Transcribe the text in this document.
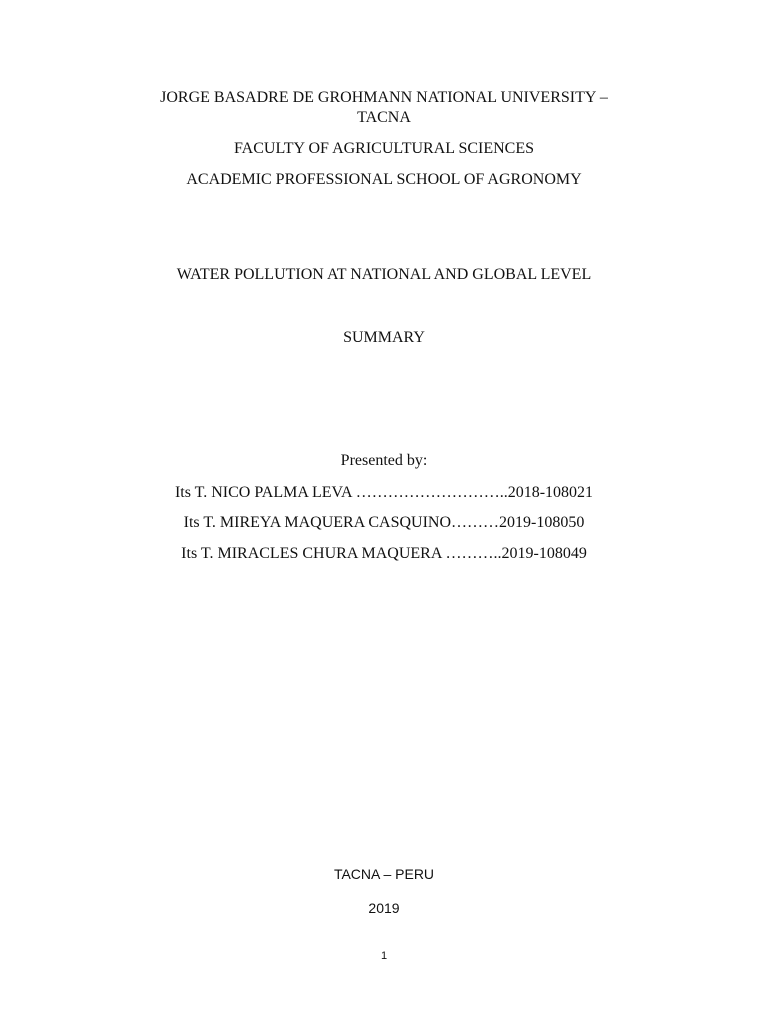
JORGE BASADRE DE GROHMANN NATIONAL UNIVERSITY –
TACNA
FACULTY OF AGRICULTURAL SCIENCES
ACADEMIC PROFESSIONAL SCHOOL OF AGRONOMY
WATER POLLUTION AT NATIONAL AND GLOBAL LEVEL
SUMMARY
Presented by:
Its T. NICO PALMA LEVA ………………………..2018-108021
Its T. MIREYA MAQUERA CASQUINO………2019-108050
Its T. MIRACLES CHURA MAQUERA ………..2019-108049
TACNA – PERU
2019
1
